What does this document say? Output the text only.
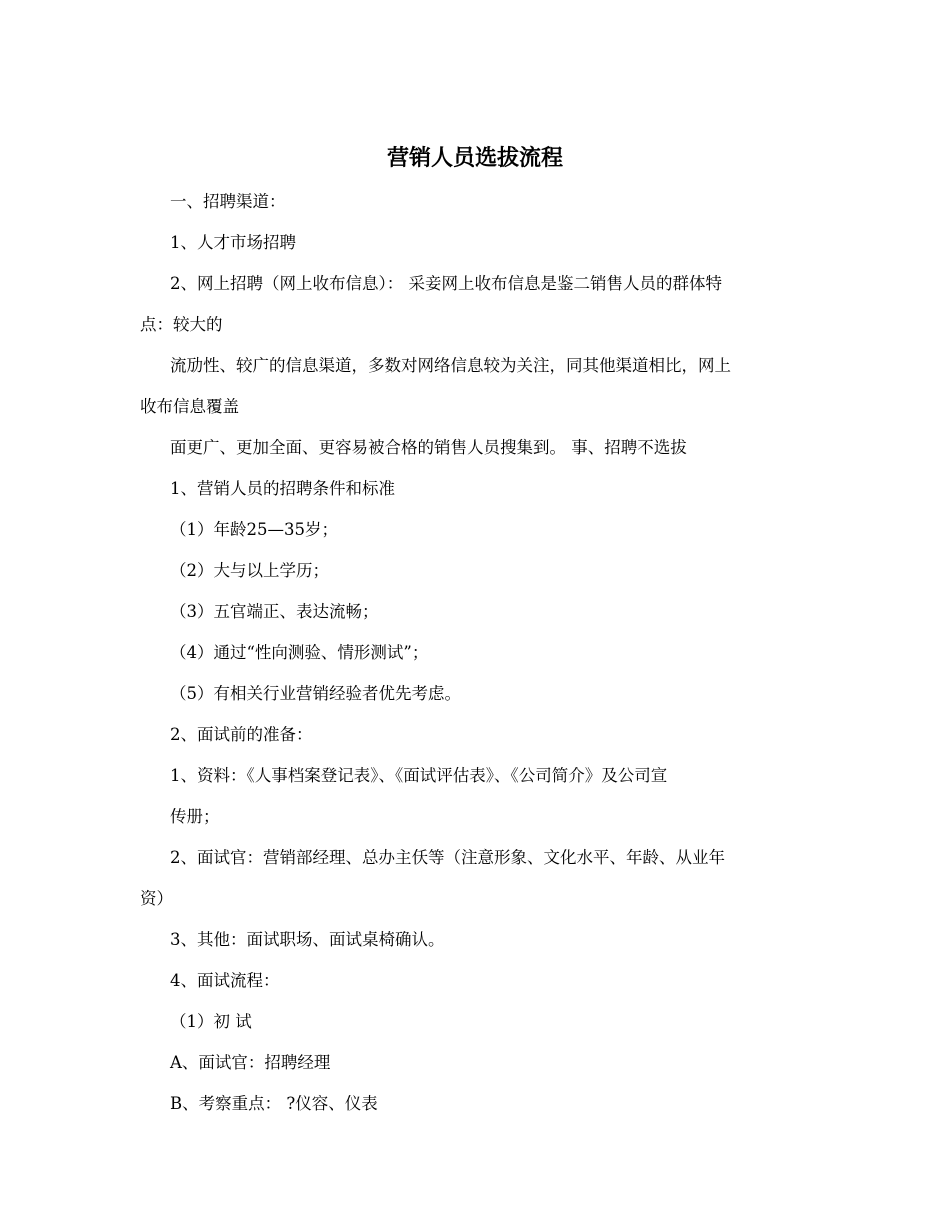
营销人员选拔流程
一、招聘渠道：
1、人才市场招聘
2、网上招聘（网上收布信息）： 采妾网上收布信息是鉴二销售人员的群体特
点：较大的
流劢性、较广的信息渠道，多数对网络信息较为关注，同其他渠道相比，网上
收布信息覆盖
面更广、更加全面、更容易被合格的销售人员搜集到。 事、招聘不选拔
1、营销人员的招聘条件和标准
（1）年龄25—35岁；
（2）大与以上学历；
（3）五官端正、表达流畅；
（4）通过“性向测验、情形测试”；
（5）有相关行业营销经验者优先考虑。
2、面试前的准备：
1、资料：《人事档案登记表》、《面试评估表》、《公司简介》及公司宣
传册；
2、面试官：营销部经理、总办主仸等（注意形象、文化水平、年龄、从业年
资）
3、其他：面试职场、面试桌椅确认。
4、面试流程：
（1）初 试
A、面试官：招聘经理
B、考察重点： ?仪容、仪表
